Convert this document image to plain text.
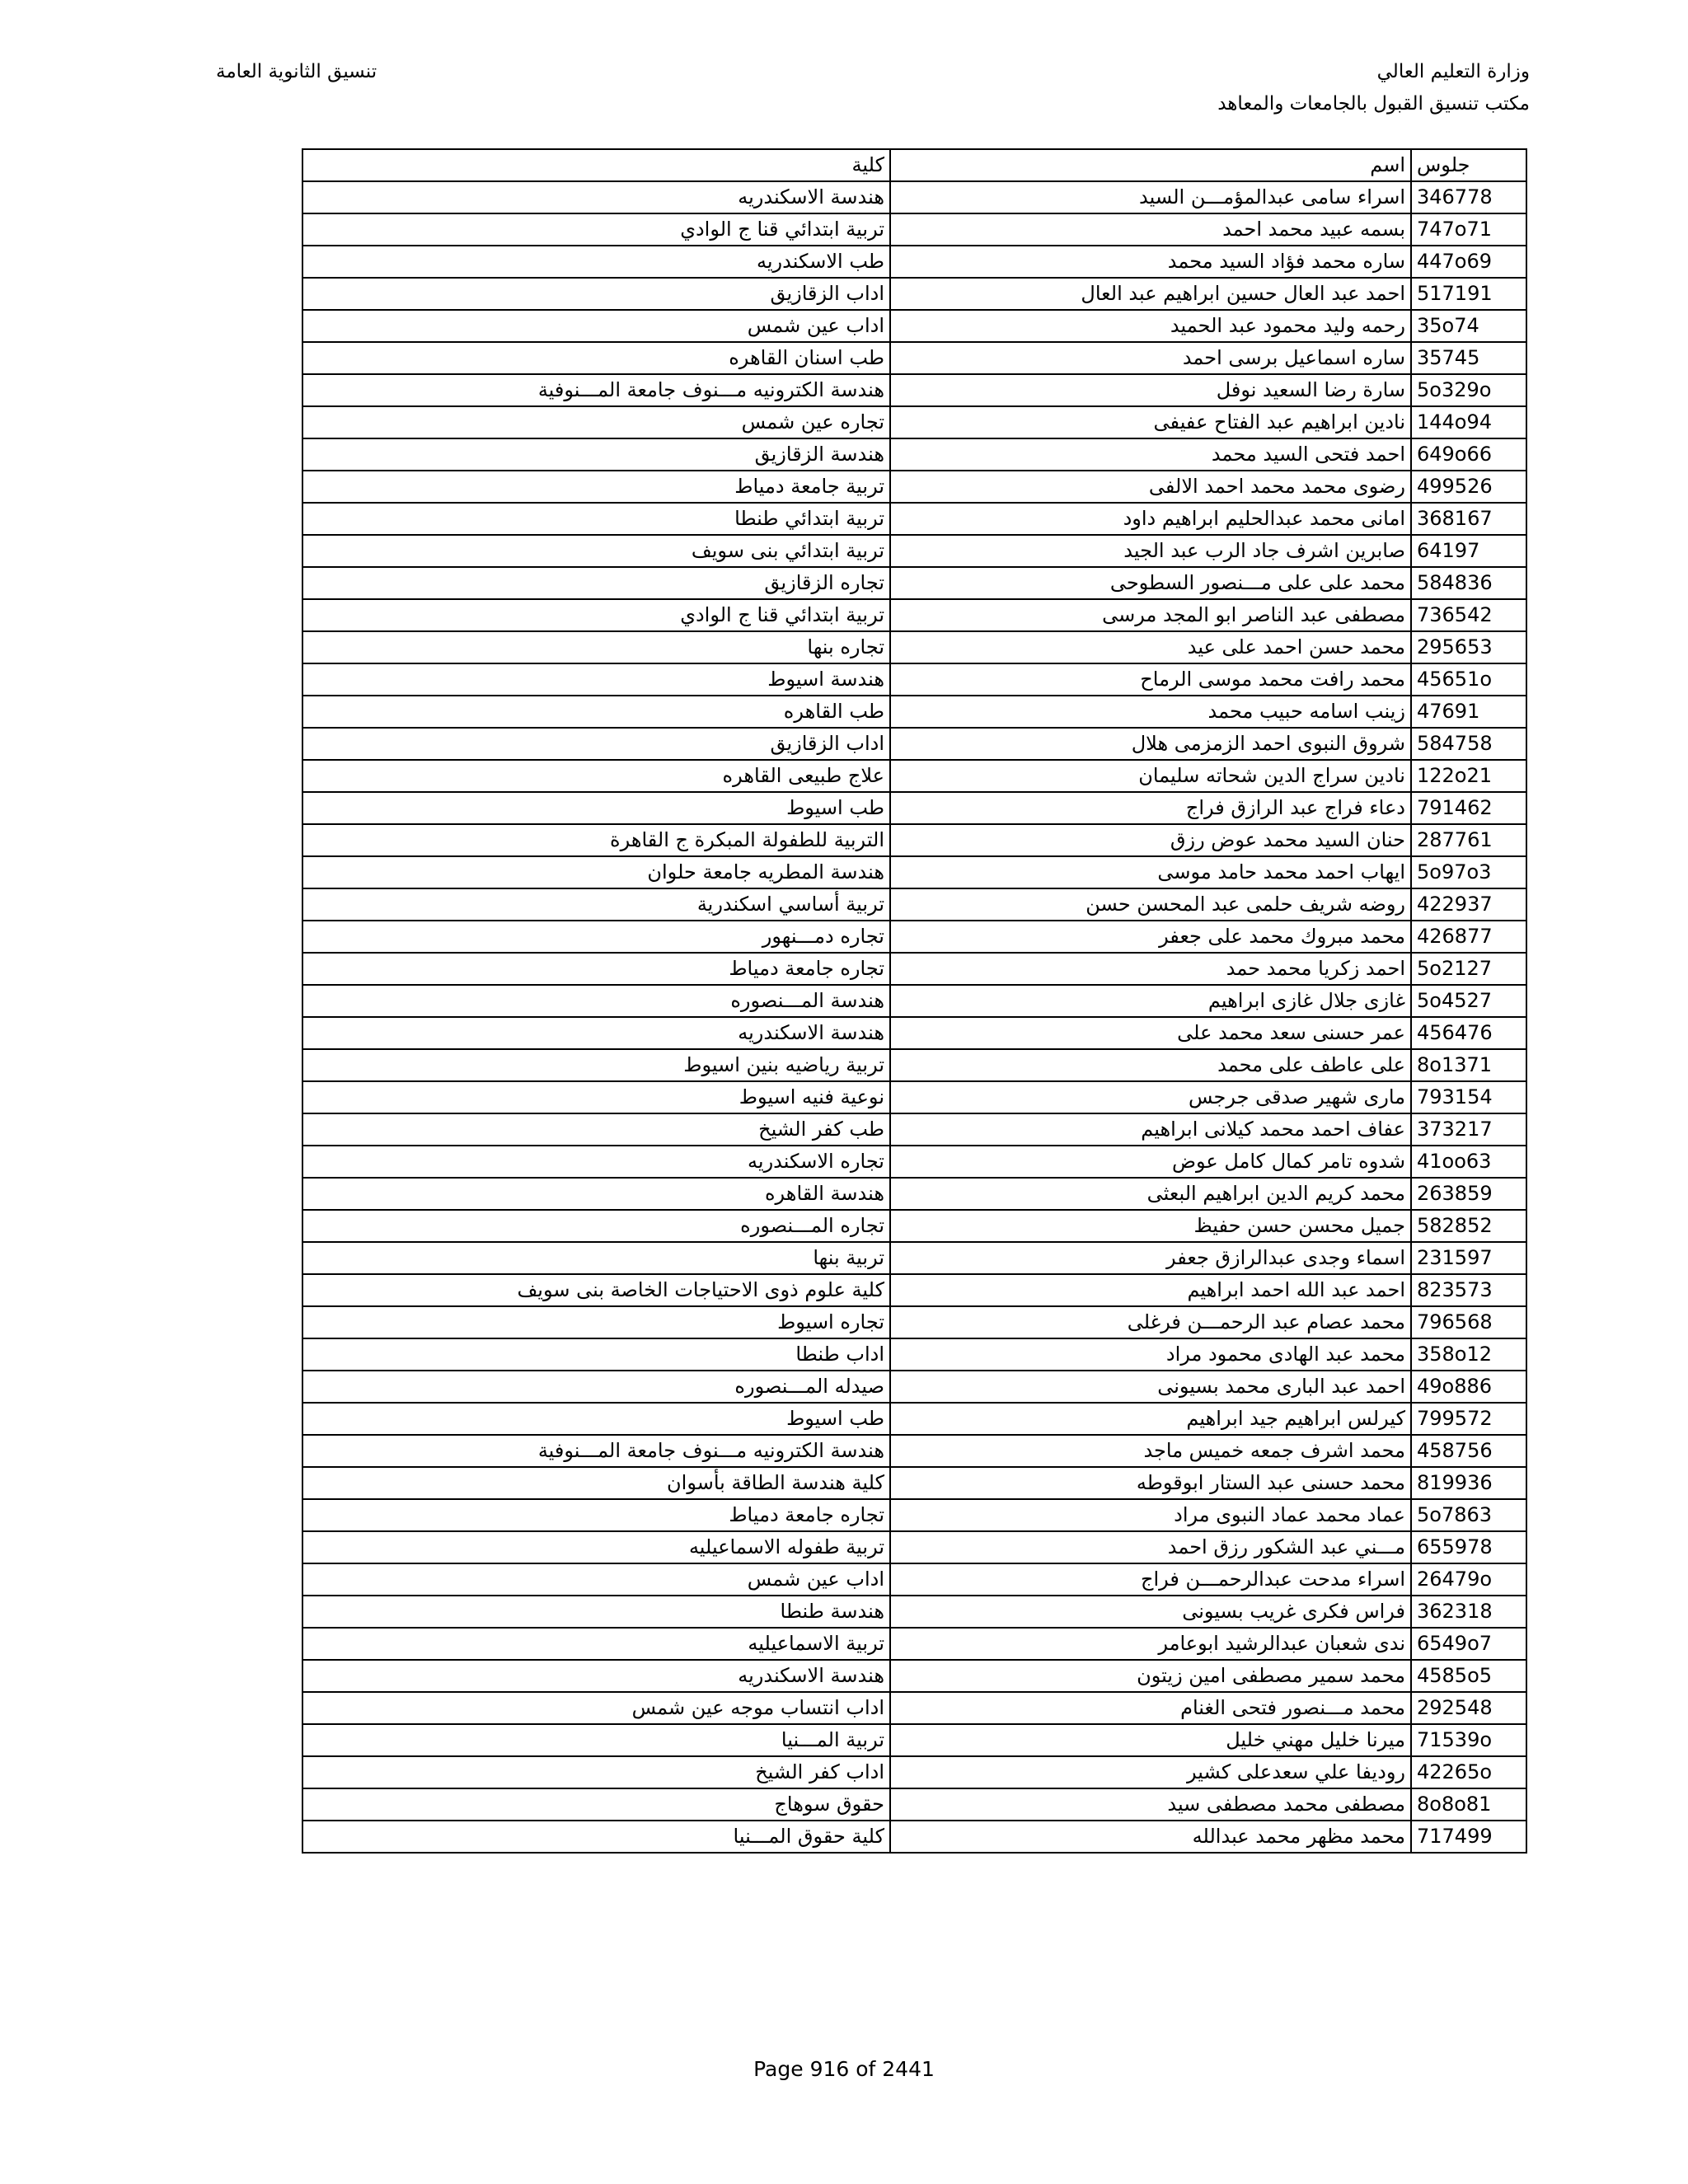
وزارة التعليم العالي
مكتب تنسيق القبول بالجامعات والمعاهد
تنسيق الثانوية العامة
جلوس	اسم	كلية
346778	اسراء سامى عبدالمؤمـــن السيد	هندسة الاسكندريه
747o71	بسمه عبيد محمد احمد	تربية ابتدائي قنا ج الوادي
447o69	ساره محمد فؤاد السيد محمد	طب الاسكندريه
517191	احمد عبد العال حسين ابراهيم عبد العال	اداب الزقازيق
35o74	رحمه وليد محمود عبد الحميد	اداب عين شمس
35745	ساره اسماعيل برسى احمد	طب اسنان القاهره
5o329o	سارة رضا السعيد نوفل	هندسة الكترونيه مـــنوف جامعة المـــنوفية
144o94	نادين ابراهيم عبد الفتاح عفيفى	تجاره عين شمس
649o66	احمد فتحى السيد محمد	هندسة الزقازيق
499526	رضوى محمد محمد احمد الالفى	تربية جامعة دمياط
368167	امانى محمد عبدالحليم ابراهيم داود	تربية ابتدائي طنطا
64197	صابرين اشرف جاد الرب عبد الجيد	تربية ابتدائي بنى سويف
584836	محمد على على مـــنصور السطوحى	تجاره الزقازيق
736542	مصطفى عبد الناصر ابو المجد مرسى	تربية ابتدائي قنا ج الوادي
295653	محمد حسن احمد على عيد	تجاره بنها
45651o	محمد رافت محمد موسى الرماح	هندسة اسيوط
47691	زينب اسامه حبيب محمد	طب القاهره
584758	شروق النبوى احمد الزمزمى هلال	اداب الزقازيق
122o21	نادين سراج الدين شحاته سليمان	علاج طبيعى القاهره
791462	دعاء فراج عبد الرازق فراج	طب اسيوط
287761	حنان السيد محمد عوض رزق	التربية للطفولة المبكرة ج القاهرة
5o97o3	ايهاب احمد محمد حامد موسى	هندسة المطريه جامعة حلوان
422937	روضه شريف حلمى عبد المحسن حسن	تربية أساسي اسكندرية
426877	محمد مبروك محمد على جعفر	تجاره دمـــنهور
5o2127	احمد زكريا محمد حمد	تجاره جامعة دمياط
5o4527	غازى جلال غازى ابراهيم	هندسة المـــنصوره
456476	عمر حسنى سعد محمد على	هندسة الاسكندريه
8o1371	على عاطف على محمد	تربية رياضيه بنين اسيوط
793154	مارى شهير صدقى جرجس	نوعية فنيه اسيوط
373217	عفاف احمد محمد كيلانى ابراهيم	طب كفر الشيخ
41oo63	شدوه تامر كمال كامل عوض	تجاره الاسكندريه
263859	محمد كريم الدين ابراهيم البعثى	هندسة القاهره
582852	جميل محسن حسن حفيظ	تجاره المـــنصوره
231597	اسماء وجدى عبدالرازق جعفر	تربية بنها
823573	احمد عبد الله احمد ابراهيم	كلية علوم ذوى الاحتياجات الخاصة بنى سويف
796568	محمد عصام عبد الرحمـــن فرغلى	تجاره اسيوط
358o12	محمد عبد الهادى محمود مراد	اداب طنطا
49o886	احمد عبد البارى محمد بسيونى	صيدله المـــنصوره
799572	كيرلس ابراهيم جيد ابراهيم	طب اسيوط
458756	محمد اشرف جمعه خميس ماجد	هندسة الكترونيه مـــنوف جامعة المـــنوفية
819936	محمد حسنى عبد الستار ابوقوطه	كلية هندسة الطاقة بأسوان
5o7863	عماد محمد عماد النبوى مراد	تجاره جامعة دمياط
655978	مـــني عبد الشكور رزق احمد	تربية طفوله الاسماعيليه
26479o	اسراء مدحت عبدالرحمـــن فراج	اداب عين شمس
362318	فراس فكرى غريب بسيونى	هندسة طنطا
6549o7	ندى شعبان عبدالرشيد ابوعامر	تربية الاسماعيليه
4585o5	محمد سمير مصطفى امين زيتون	هندسة الاسكندريه
292548	محمد مـــنصور فتحى الغنام	اداب انتساب موجه عين شمس
71539o	ميرنا خليل مهني خليل	تربية المـــنيا
42265o	روديفا علي سعدعلى كشير	اداب كفر الشيخ
8o8o81	مصطفى محمد مصطفى سيد	حقوق سوهاج
717499	محمد مظهر محمد عبدالله	كلية حقوق المـــنيا
Page 916 of 2441
